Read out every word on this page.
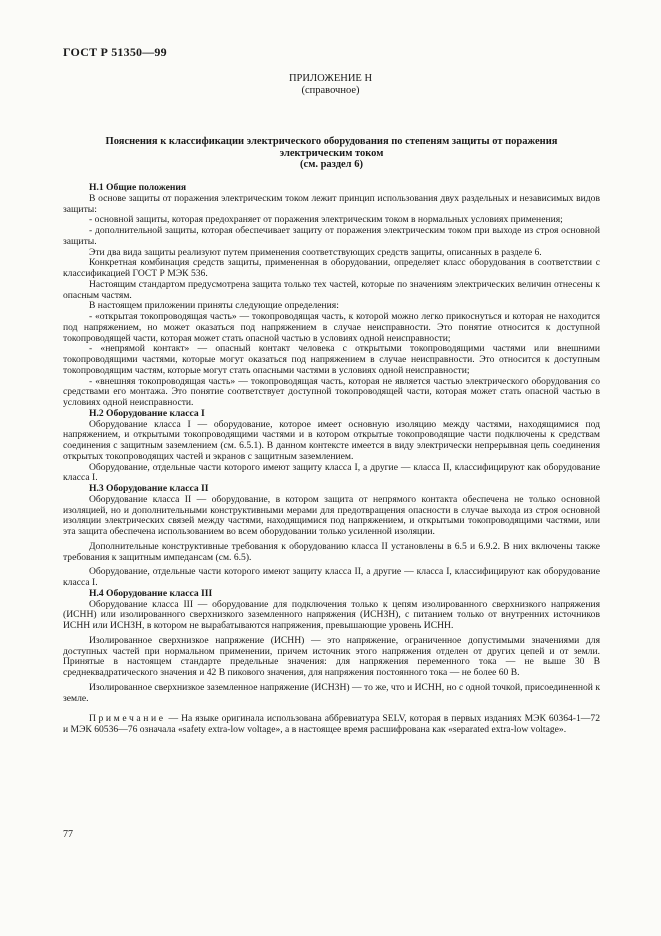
ГОСТ Р 51350—99
ПРИЛОЖЕНИЕ Н
(справочное)
Пояснения к классификации электрического оборудования по степеням защиты от поражения
электрическим током
(см. раздел 6)

Н.1 Общие положения

В основе защиты от поражения электрическим током лежит принцип использования двух раздельных и независимых видов защиты:

- основной защиты, которая предохраняет от поражения электрическим током в нормальных условиях применения;

- дополнительной защиты, которая обеспечивает защиту от поражения электрическим током при выходе из строя основной защиты.

Эти два вида защиты реализуют путем применения соответствующих средств защиты, описанных в разделе 6.

Конкретная комбинация средств защиты, примененная в оборудовании, определяет класс оборудования в соответствии с классификацией ГОСТ Р МЭК 536.

Настоящим стандартом предусмотрена защита только тех частей, которые по значениям электрических величин отнесены к опасным частям.

В настоящем приложении приняты следующие определения:

- «открытая токопроводящая часть» — токопроводящая часть, к которой можно легко прикоснуться и которая не находится под напряжением, но может оказаться под напряжением в случае неисправности. Это понятие относится к доступной токопроводящей части, которая может стать опасной частью в условиях одной неисправности;

- «непрямой контакт» — опасный контакт человека с открытыми токопроводящими частями или внешними токопроводящими частями, которые могут оказаться под напряжением в случае неисправности. Это относится к доступным токопроводящим частям, которые могут стать опасными частями в условиях одной неисправности;

- «внешняя токопроводящая часть» — токопроводящая часть, которая не является частью электрического оборудования со средствами его монтажа. Это понятие соответствует доступной токопроводящей части, которая может стать опасной частью в условиях одной неисправности.

Н.2 Оборудование класса I

Оборудование класса I — оборудование, которое имеет основную изоляцию между частями, находящимися под напряжением, и открытыми токопроводящими частями и в котором открытые токопроводящие части подключены к средствам соединения с защитным заземлением (см. 6.5.1). В данном контексте имеется в виду электрически непрерывная цепь соединения открытых токопроводящих частей и экранов с защитным заземлением.

Оборудование, отдельные части которого имеют защиту класса I, а другие — класса II, классифицируют как оборудование класса I.

Н.3 Оборудование класса II

Оборудование класса II — оборудование, в котором защита от непрямого контакта обеспечена не только основной изоляцией, но и дополнительными конструктивными мерами для предотвращения опасности в случае выхода из строя основной изоляции электрических связей между частями, находящимися под напряжением, и открытыми токопроводящими частями, или эта защита обеспечена использованием во всем оборудовании только усиленной изоляции.

Дополнительные конструктивные требования к оборудованию класса II установлены в 6.5 и 6.9.2. В них включены также требования к защитным импедансам (см. 6.5).

Оборудование, отдельные части которого имеют защиту класса II, а другие — класса I, классифицируют как оборудование класса I.

Н.4 Оборудование класса III

Оборудование класса III — оборудование для подключения только к цепям изолированного сверхнизкого напряжения (ИСНН) или изолированного сверхнизкого заземленного напряжения (ИСНЗН), с питанием только от внутренних источников ИСНН или ИСНЗН, в котором не вырабатываются напряжения, превышающие уровень ИСНН.

Изолированное сверхнизкое напряжение (ИСНН) — это напряжение, ограниченное допустимыми значениями для доступных частей при нормальном применении, причем источник этого напряжения отделен от других цепей и от земли. Принятые в настоящем стандарте предельные значения: для напряжения переменного тока — не выше 30 В среднеквадратического значения и 42 В пикового значения, для напряжения постоянного тока — не более 60 В.

Изолированное сверхнизкое заземленное напряжение (ИСНЗН) — то же, что и ИСНН, но с одной точкой, присоединенной к земле.

Примечание — На языке оригинала использована аббревиатура SELV, которая в первых изданиях МЭК 60364-1—72 и МЭК 60536—76 означала «safety extra-low voltage», а в настоящее время расшифрована как «separated extra-low voltage».

77
